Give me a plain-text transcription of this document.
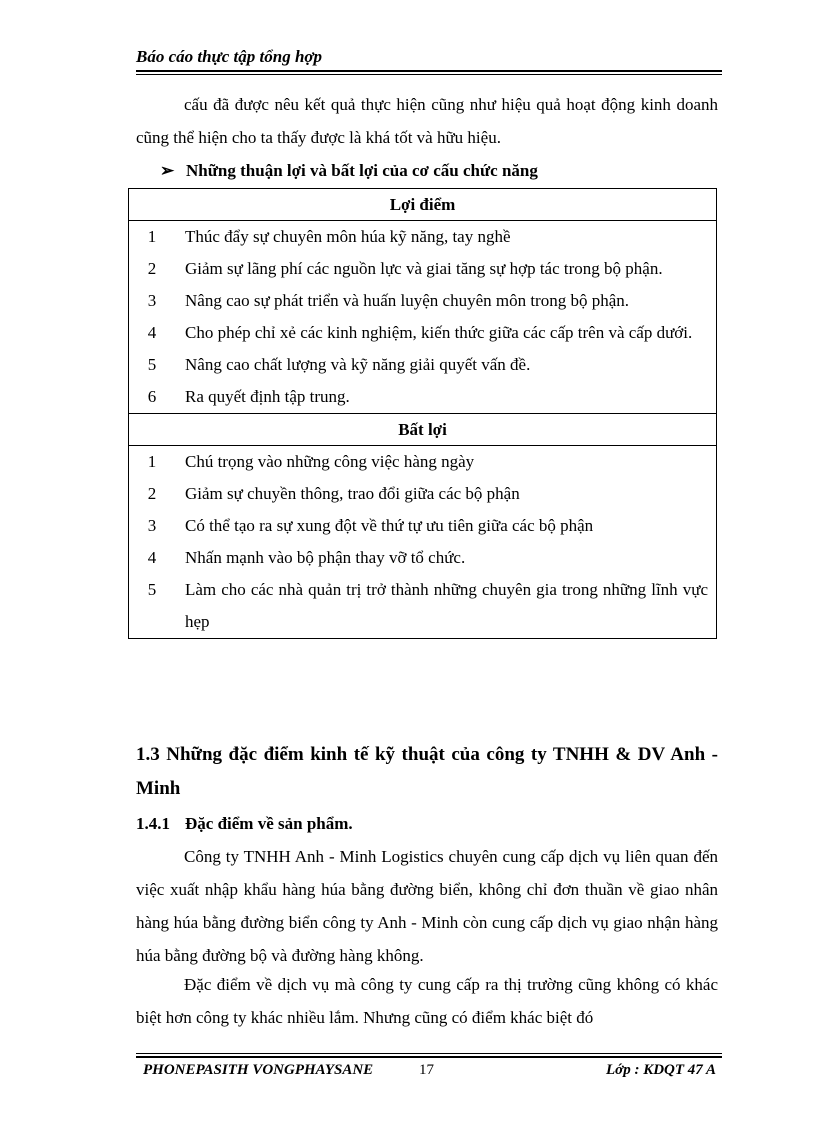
Báo cáo thực tập tổng hợp
cấu đã được nêu kết quả thực hiện cũng như hiệu quả hoạt động kinh doanh cũng thể hiện cho ta thấy được là khá tốt và hữu hiệu.
➢ Những thuận lợi và bất lợi của cơ cấu chức năng
Lợi điểm	
1	Thúc đẩy sự chuyên môn húa kỹ năng, tay nghề
2	Giảm sự lãng phí các nguồn lực và giai tăng sự hợp tác trong bộ phận.
3	Nâng cao sự phát triển và huấn luyện chuyên môn trong bộ phận.
4	Cho phép chỉ xẻ các kinh nghiệm, kiến thức giữa các cấp trên và cấp dưới.
5	Nâng cao chất lượng và kỹ năng giải quyết vấn đề.
6	Ra quyết định tập trung.
Bất lợi	
1	Chú trọng vào những công việc hàng ngày
2	Giảm sự chuyền thông, trao đổi giữa các bộ phận
3	Có thể tạo ra sự xung đột về thứ tự ưu tiên giữa các bộ phận
4	Nhấn mạnh vào bộ phận thay vỡ tổ chức.
5	Làm cho các nhà quản trị trở thành những chuyên gia trong những lĩnh vực hẹp
1.3 Những đặc điểm kinh tế kỹ thuật của công ty TNHH & DV Anh - Minh
1.4.1 Đặc điểm về sản phẩm.
Công ty TNHH Anh - Minh Logistics chuyên cung cấp dịch vụ liên quan đến việc xuất nhập khẩu hàng húa bằng đường biển, không chỉ đơn thuần về giao nhân hàng húa bằng đường biển công ty Anh - Minh còn cung cấp dịch vụ giao nhận hàng húa bằng đường bộ và đường hàng không.
Đặc điểm về dịch vụ mà công ty cung cấp ra thị trường cũng không có khác biệt hơn công ty khác nhiều lắm. Nhưng cũng có điểm khác biệt đó
PHONEPASITH VONGPHAYSANE	17	Lớp : KDQT 47 A
